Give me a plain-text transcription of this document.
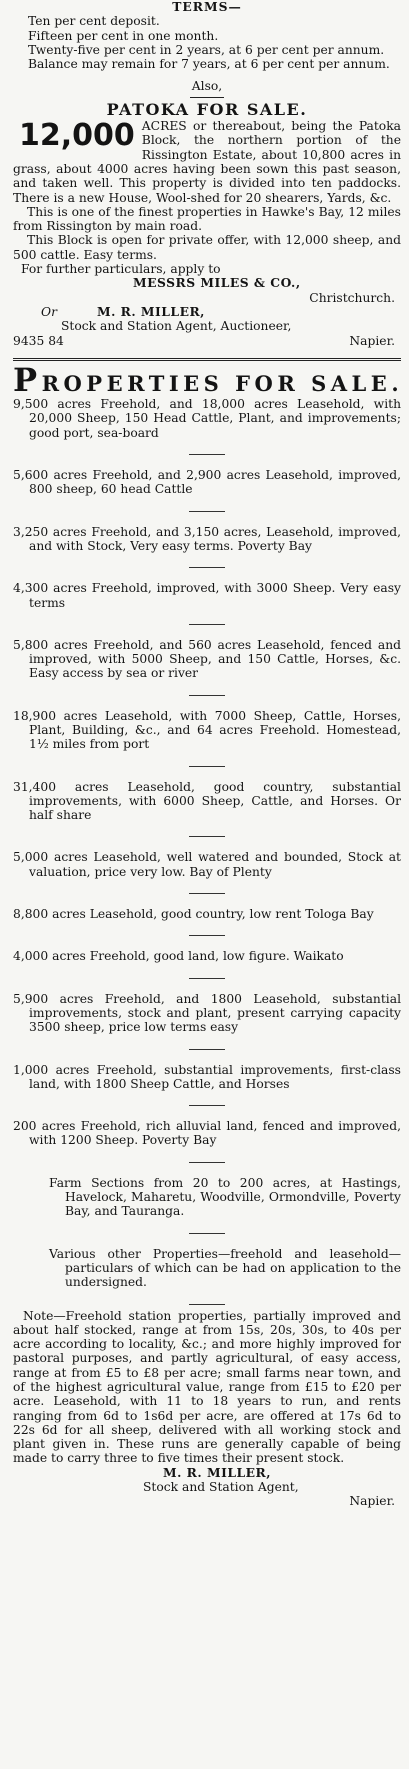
TERMS—
Ten per cent deposit.
Fifteen per cent in one month.
Twenty-five per cent in 2 years, at 6 per cent per annum.
Balance may remain for 7 years, at 6 per cent per annum.
Also,
PATOKA FOR SALE.
12,000 ACRES or thereabout, being the Patoka Block, the northern portion of the Rissington Estate, about 10,800 acres in grass, about 4000 acres having been sown this past season, and taken well. This property is divided into ten paddocks. There is a new House, Wool-shed for 20 shearers, Yards, &c.
This is one of the finest properties in Hawke's Bay, 12 miles from Rissington by main road.
This Block is open for private offer, with 12,000 sheep, and 500 cattle. Easy terms.
For further particulars, apply to
MESSRS MILES & CO.,
Christchurch.
Or	M. R. MILLER,
Stock and Station Agent, Auctioneer,
9435 84	Napier.
PROPERTIES FOR SALE.
9,500 acres Freehold, and 18,000 acres Leasehold, with 20,000 Sheep, 150 Head Cattle, Plant, and improvements; good port, sea-board
5,600 acres Freehold, and 2,900 acres Leasehold, improved, 800 sheep, 60 head Cattle
3,250 acres Freehold, and 3,150 acres, Leasehold, improved, and with Stock, Very easy terms. Poverty Bay
4,300 acres Freehold, improved, with 3000 Sheep. Very easy terms
5,800 acres Freehold, and 560 acres Leasehold, fenced and improved, with 5000 Sheep, and 150 Cattle, Horses, &c. Easy access by sea or river
18,900 acres Leasehold, with 7000 Sheep, Cattle, Horses, Plant, Building, &c., and 64 acres Freehold. Homestead, 1½ miles from port
31,400 acres Leasehold, good country, substantial improvements, with 6000 Sheep, Cattle, and Horses. Or half share
5,000 acres Leasehold, well watered and bounded, Stock at valuation, price very low. Bay of Plenty
8,800 acres Leasehold, good country, low rent Tologa Bay
4,000 acres Freehold, good land, low figure. Waikato
5,900 acres Freehold, and 1800 Leasehold, substantial improvements, stock and plant, present carrying capacity 3500 sheep, price low terms easy
1,000 acres Freehold, substantial improvements, first-class land, with 1800 Sheep Cattle, and Horses
200 acres Freehold, rich alluvial land, fenced and improved, with 1200 Sheep. Poverty Bay
Farm Sections from 20 to 200 acres, at Hastings, Havelock, Maharetu, Woodville, Ormondville, Poverty Bay, and Tauranga.
Various other Properties—freehold and leasehold—particulars of which can be had on application to the undersigned.
Note—Freehold station properties, partially improved and about half stocked, range at from 15s, 20s, 30s, to 40s per acre according to locality, &c.; and more highly improved for pastoral purposes, and partly agricultural, of easy access, range at from £5 to £8 per acre; small farms near town, and of the highest agricultural value, range from £15 to £20 per acre. Leasehold, with 11 to 18 years to run, and rents ranging from 6d to 1s6d per acre, are offered at 17s 6d to 22s 6d for all sheep, delivered with all working stock and plant given in. These runs are generally capable of being made to carry three to five times their present stock.
M. R. MILLER,
Stock and Station Agent,
Napier.
